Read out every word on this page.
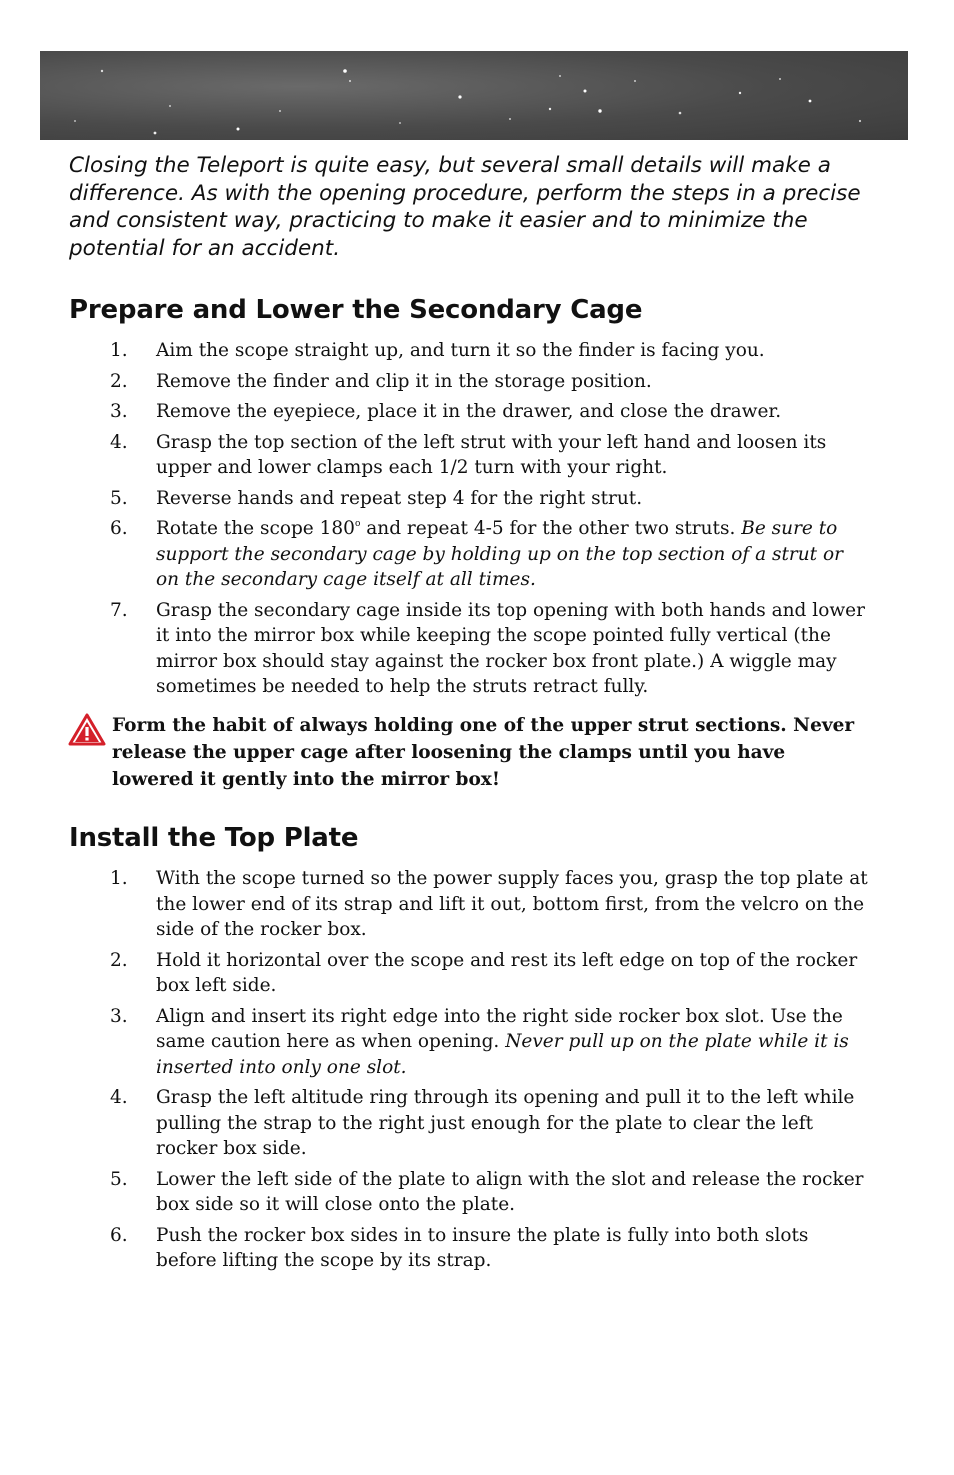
Closing the Teleport is quite easy, but several small details will make a difference. As with the opening procedure, perform the steps in a precise and consistent way, practicing to make it easier and to minimize the potential for an accident.

Prepare and Lower the Secondary Cage
1. Aim the scope straight up, and turn it so the finder is facing you.
2. Remove the finder and clip it in the storage position.
3. Remove the eyepiece, place it in the drawer, and close the drawer.
4. Grasp the top section of the left strut with your left hand and loosen its upper and lower clamps each 1/2 turn with your right.
5. Reverse hands and repeat step 4 for the right strut.
6. Rotate the scope 180$^o$ and repeat 4-5 for the other two struts. Be sure to support the secondary cage by holding up on the top section of a strut or on the secondary cage itself at all times.
7. Grasp the secondary cage inside its top opening with both hands and lower it into the mirror box while keeping the scope pointed fully vertical (the mirror box should stay against the rocker box front plate.) A wiggle may sometimes be needed to help the struts retract fully.

Form the habit of always holding one of the upper strut sections. Never release the upper cage after loosening the clamps until you have lowered it gently into the mirror box!

Install the Top Plate
1. With the scope turned so the power supply faces you, grasp the top plate at the lower end of its strap and lift it out, bottom first, from the velcro on the side of the rocker box.
2. Hold it horizontal over the scope and rest its left edge on top of the rocker box left side.
3. Align and insert its right edge into the right side rocker box slot. Use the same caution here as when opening. Never pull up on the plate while it is inserted into only one slot.
4. Grasp the left altitude ring through its opening and pull it to the left while pulling the strap to the right just enough for the plate to clear the left rocker box side.
5. Lower the left side of the plate to align with the slot and release the rocker box side so it will close onto the plate.
6. Push the rocker box sides in to insure the plate is fully into both slots before lifting the scope by its strap.
